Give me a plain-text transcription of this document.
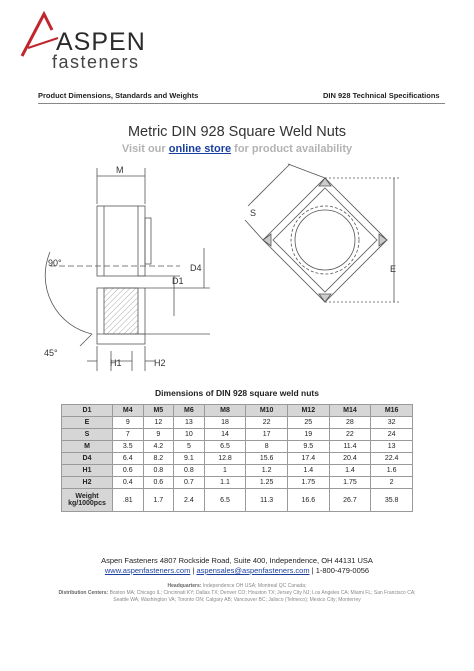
ASPEN
fasteners
Product Dimensions, Standards and Weights	DIN 928 Technical Specifications
Metric DIN 928 Square Weld Nuts
Visit our online store for product availability
M
D4
D1
90°
45°
H1	H2
S
E
Dimensions of DIN 928 square weld nuts
D1	M4	M5	M6	M8	M10	M12	M14	M16
E	9	12	13	18	22	25	28	32
S	7	9	10	14	17	19	22	24
M	3.5	4.2	5	6.5	8	9.5	11.4	13
D4	6.4	8.2	9.1	12.8	15.6	17.4	20.4	22.4
H1	0.6	0.8	0.8	1	1.2	1.4	1.4	1.6
H2	0.4	0.6	0.7	1.1	1.25	1.75	1.75	2

Weight
kg/1000pcs	.81	1.7	2.4	6.5	11.3	16.6	26.7	35.8
Aspen Fasteners 4807 Rockside Road, Suite 400, Independence, OH 44131 USA
www.aspenfasteners.com | aspensales@aspenfasteners.com | 1-800-479-0056
Headquarters: Independence OH USA; Montreal QC Canada;
Distribution Centers: Boston MA; Chicago IL; Cincinnati KY; Dallas TX; Denver CO; Houston TX; Jersey City NJ; Los Angeles CA; Miami FL; San Francisco CA; Seattle WA; Washington VA; Toronto ON; Calgary AB; Vancouver BC; Jalisco (Telmeco); Mexico City; Monterrey
